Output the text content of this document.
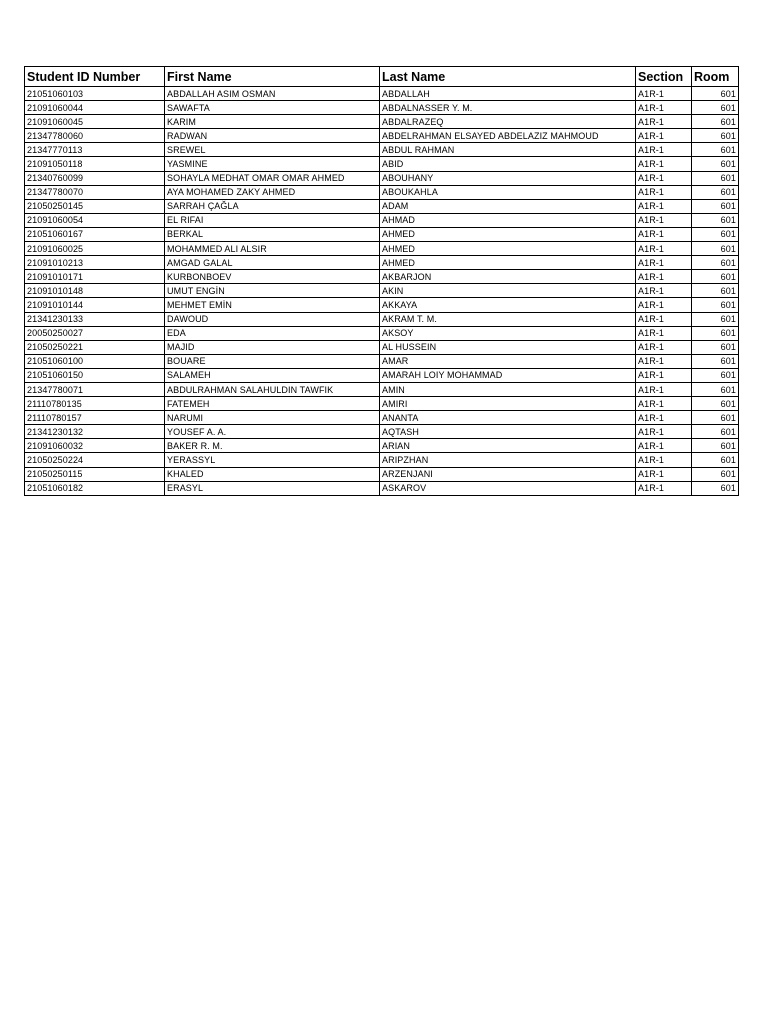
Student ID Number	First Name	Last Name	Section	Room
21051060103	ABDALLAH ASIM OSMAN	ABDALLAH	A1R-1	601
21091060044	SAWAFTA	ABDALNASSER Y. M.	A1R-1	601
21091060045	KARIM	ABDALRAZEQ	A1R-1	601
21347780060	RADWAN	ABDELRAHMAN ELSAYED ABDELAZIZ MAHMOUD	A1R-1	601
21347770113	SREWEL	ABDUL RAHMAN	A1R-1	601
21091050118	YASMINE	ABID	A1R-1	601
21340760099	SOHAYLA MEDHAT OMAR OMAR AHMED	ABOUHANY	A1R-1	601
21347780070	AYA MOHAMED ZAKY AHMED	ABOUKAHLA	A1R-1	601
21050250145	SARRAH ÇAĞLA	ADAM	A1R-1	601
21091060054	EL RIFAI	AHMAD	A1R-1	601
21051060167	BERKAL	AHMED	A1R-1	601
21091060025	MOHAMMED ALI ALSIR	AHMED	A1R-1	601
21091010213	AMGAD GALAL	AHMED	A1R-1	601
21091010171	KURBONBOEV	AKBARJON	A1R-1	601
21091010148	UMUT ENGİN	AKIN	A1R-1	601
21091010144	MEHMET EMİN	AKKAYA	A1R-1	601
21341230133	DAWOUD	AKRAM T. M.	A1R-1	601
20050250027	EDA	AKSOY	A1R-1	601
21050250221	MAJID	AL HUSSEIN	A1R-1	601
21051060100	BOUARE	AMAR	A1R-1	601
21051060150	SALAMEH	AMARAH LOIY MOHAMMAD	A1R-1	601
21347780071	ABDULRAHMAN SALAHULDIN TAWFIK	AMIN	A1R-1	601
21110780135	FATEMEH	AMIRI	A1R-1	601
21110780157	NARUMI	ANANTA	A1R-1	601
21341230132	YOUSEF A. A.	AQTASH	A1R-1	601
21091060032	BAKER R. M.	ARIAN	A1R-1	601
21050250224	YERASSYL	ARIPZHAN	A1R-1	601
21050250115	KHALED	ARZENJANI	A1R-1	601
21051060182	ERASYL	ASKAROV	A1R-1	601
